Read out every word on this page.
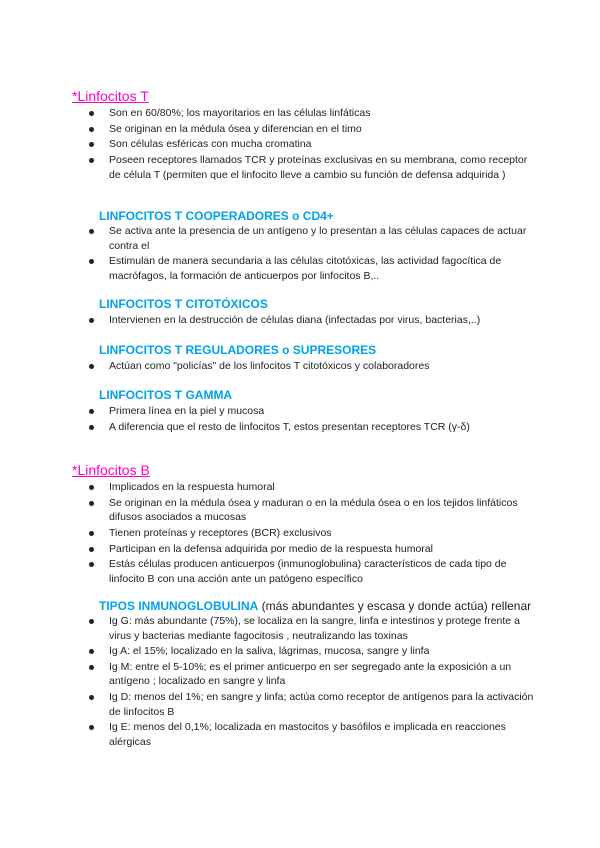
*Linfocitos T
Son en 60/80%; los mayoritarios en las células linfáticas
Se originan en la médula ósea y diferencian en el timo
Son células esféricas con mucha cromatina
Poseen receptores llamados TCR y proteínas exclusivas en su membrana, como receptor de célula T (permiten que el linfocito lleve a cambio su función de defensa adquirida )
LINFOCITOS T COOPERADORES o CD4+
Se activa ante la presencia de un antígeno y lo presentan a las células capaces de actuar contra el
Estimulan de manera secundaria a las células citotóxicas, las actividad fagocítica de macrófagos, la formación de anticuerpos por linfocitos B,..
LINFOCITOS T CITOTÓXICOS
Intervienen en la destrucción de células diana (infectadas por virus, bacterias,..)
LINFOCITOS T REGULADORES o SUPRESORES
Actúan como "policías" de los linfocitos T citotóxicos y colaboradores
LINFOCITOS T GAMMA
Primera línea en la piel y mucosa
A diferencia que el resto de linfocitos T, estos presentan receptores TCR (γ-δ)
*Linfocitos B
Implicados en la respuesta humoral
Se originan en la médula ósea y maduran o en la médula ósea o en los tejidos linfáticos difusos asociados a mucosas
Tienen proteínas y receptores (BCR) exclusivos
Participan en la defensa adquirida por medio de la respuesta humoral
Estás células producen anticuerpos (inmunoglobulina) característicos de cada tipo de linfocito B con una acción ante un patógeno específico
TIPOS INMUNOGLOBULINA (más abundantes y escasa y donde actúa) rellenar
Ig G: más abundante (75%), se localiza en la sangre, linfa e intestinos y protege frente a virus y bacterias mediante fagocitosis , neutralizando las toxinas
Ig A: el 15%; localizado en la saliva, lágrimas, mucosa, sangre y linfa
Ig M: entre el 5-10%; es el primer anticuerpo en ser segregado ante la exposición a un antígeno ; localizado en sangre y linfa
Ig D: menos del 1%; en sangre y linfa; actúa como receptor de antígenos para la activación de linfocitos B
Ig E: menos del 0,1%; localizada en mastocitos y basófilos e implicada en reacciones alérgicas
